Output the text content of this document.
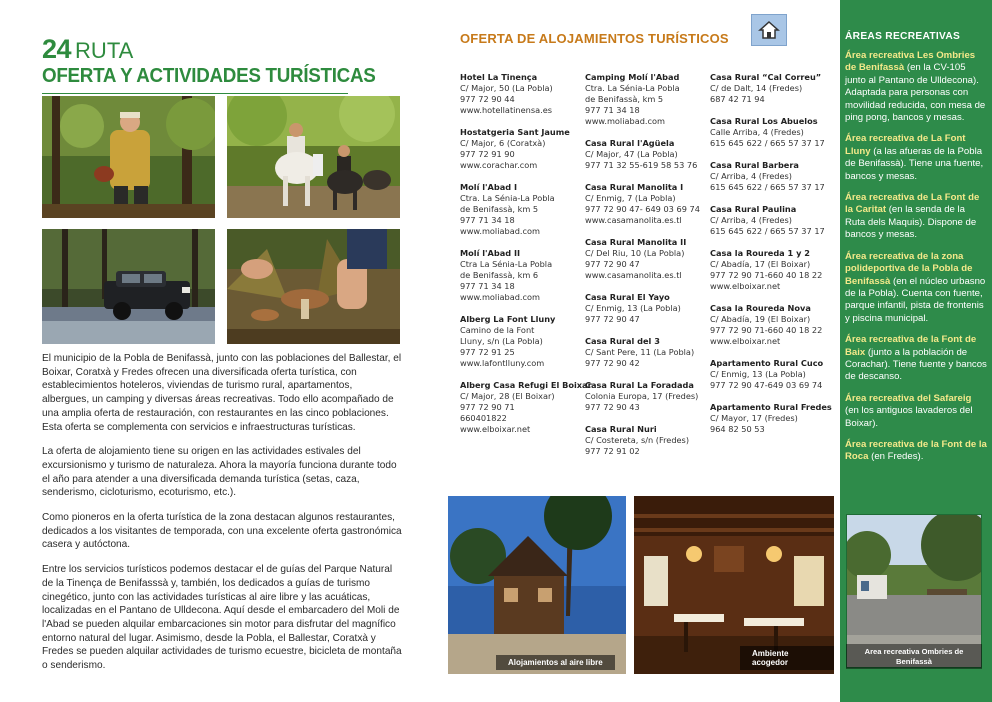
24 RUTA
OFERTA Y ACTIVIDADES TURÍSTICAS

El municipio de la Pobla de Benifassà, junto con las poblaciones del Ballestar, el Boixar, Coratxà y Fredes ofrecen una diversificada oferta turística, con establecimientos hoteleros, viviendas de turismo rural, apartamentos, albergues, un camping y diversas áreas recreativas. Todo ello acompañado de una amplia oferta de restauración, con restaurantes en las cinco poblaciones. Esta oferta se complementa con servicios e infraestructuras turísticas.

La oferta de alojamiento tiene su origen en las actividades estivales del excursionismo y turismo de naturaleza. Ahora la mayoría funciona durante todo el año para atender a una diversificada demanda turística (setas, caza, senderismo, cicloturismo, ecoturismo, etc.).

Como pioneros en la oferta turística de la zona destacan algunos restaurantes, dedicados a los visitantes de temporada, con una excelente oferta gastronómica casera y autóctona.

Entre los servicios turísticos podemos destacar el de guías del Parque Natural de la Tinença de Benifasssà y, también, los dedicados a guías de turismo cinegético, junto con las actividades turísticas al aire libre y las acuáticas, localizadas en el Pantano de Ulldecona. Aquí desde el embarcadero del Moli de l'Abad se pueden alquilar embarcaciones sin motor para disfrutar del magnífico entorno natural del lugar. Asimismo, desde la Pobla, el Ballestar, Coratxà y Fredes se pueden alquilar actividades de turismo ecuestre, bicicleta de montaña o senderismo.

OFERTA DE ALOJAMIENTOS TURÍSTICOS
Hotel La Tinença
C/ Major, 50 (La Pobla)
977 72 90 44
www.hotellatinensa.es
Hostatgeria Sant Jaume
C/ Major, 6 (Coratxà)
977 72 91 90
www.corachar.com
Molí l'Abad I
Ctra. La Sénia-La Pobla
de Benifassà, km 5
977 71 34 18
www.moliabad.com
Molí l'Abad II
Ctra La Sénia-La Pobla
de Benifassà, km 6
977 71 34 18
www.moliabad.com
Alberg La Font Lluny
Camino de la Font
Lluny, s/n (La Pobla)
977 72 91 25
www.lafontlluny.com
Alberg Casa Refugi El Boixar
C/ Major, 28 (El Boixar)
977 72 90 71
660401822
www.elboixar.net
Camping Molí l'Abad
Ctra. La Sénia-La Pobla
de Benifassà, km 5
977 71 34 18
www.moliabad.com
Casa Rural l'Agüela
C/ Major, 47 (La Pobla)
977 71 32 55-619 58 53 76
Casa Rural Manolita I
C/ Enmig, 7 (La Pobla)
977 72 90 47- 649 03 69 74
www.casamanolita.es.tl
Casa Rural Manolita II
C/ Del Riu, 10 (La Pobla)
977 72 90 47
www.casamanolita.es.tl
Casa Rural El Yayo
C/ Enmig, 13 (La Pobla)
977 72 90 47
Casa Rural del 3
C/ Sant Pere, 11 (La Pobla)
977 72 90 42
Casa Rural La Foradada
Colonia Europa, 17 (Fredes)
977 72 90 43
Casa Rural Nuri
C/ Costereta, s/n (Fredes)
977 72 91 02
Casa Rural “Cal Correu”
C/ de Dalt, 14 (Fredes)
687 42 71 94
Casa Rural Los Abuelos
Calle Arriba, 4 (Fredes)
615 645 622 / 665 57 37 17
Casa Rural Barbera
C/ Arriba, 4 (Fredes)
615 645 622 / 665 57 37 17
Casa Rural Paulina
C/ Arriba, 4 (Fredes)
615 645 622 / 665 57 37 17
Casa la Roureda 1 y 2
C/ Abadía, 17 (El Boixar)
977 72 90 71-660 40 18 22
www.elboixar.net
Casa la Roureda Nova
C/ Abadía, 19 (El Boixar)
977 72 90 71-660 40 18 22
www.elboixar.net
Apartamento Rural Cuco
C/ Enmig, 13 (La Pobla)
977 72 90 47-649 03 69 74
Apartamento Rural Fredes
C/ Mayor, 17 (Fredes)
964 82 50 53
Alojamientos al aire libre
Ambiente acogedor
ÁREAS RECREATIVAS
Área recreativa Les Ombries de Benifassà (en la CV-105 junto al Pantano de Ulldecona). Adaptada para personas con movilidad reducida, con mesa de ping pong, bancos y mesas.
Área recreativa de La Font Lluny (a las afueras de la Pobla de Benifassà). Tiene una fuente, bancos y mesas.
Área recreativa de La Font de la Caritat (en la senda de la Ruta dels Maquis). Dispone de bancos y mesas.
Área recreativa de la zona polideportiva de la Pobla de Benifassà (en el núcleo urbasno de la Pobla). Cuenta con fuente, parque infantil, pista de frontenis y piscina municipal.
Área recreativa de la Font de Baix (junto a la población de Corachar). Tiene fuente y bancos de descanso.
Área recreativa del Safareig (en los antiguos lavaderos del Boixar).
Área recreativa de la Font de la Roca (en Fredes).
Area recreativa Ombries de Benifassà
